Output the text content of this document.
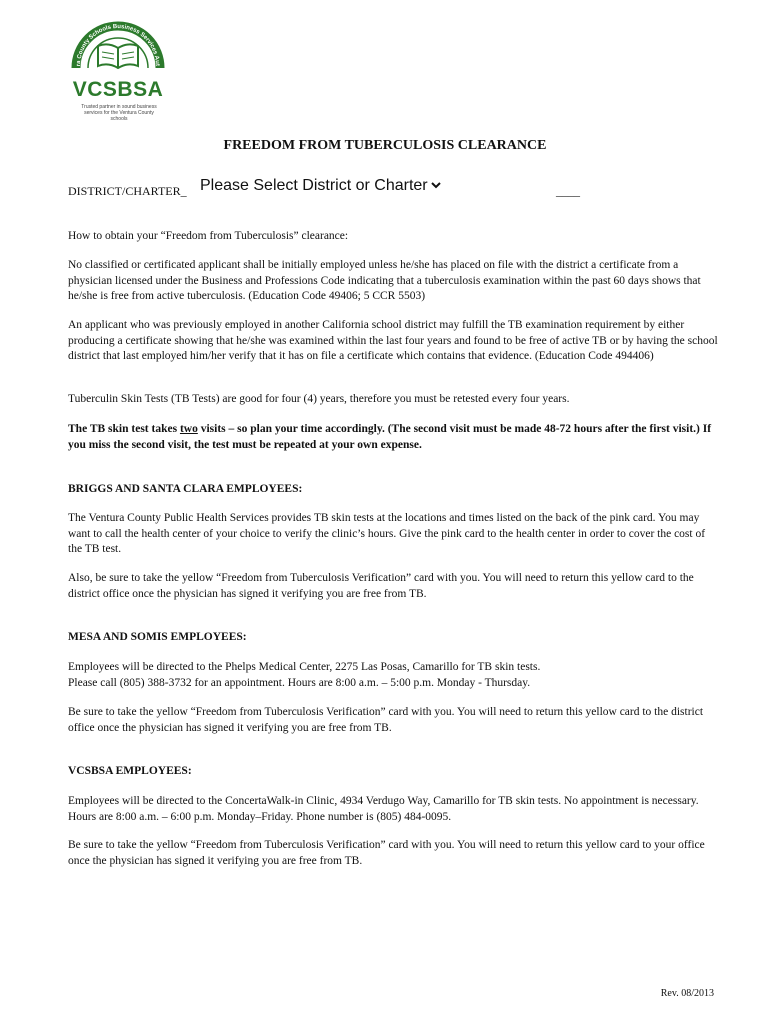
ra County Schools Business Services Aut
VCSBSA
Trusted partner in sound business services for the Ventura County schools
FREEDOM FROM TUBERCULOSIS CLEARANCE
DISTRICT/CHARTER_
Please Select District or Charter	____

How to obtain your “Freedom from Tuberculosis” clearance:

No classified or certificated applicant shall be initially employed unless he/she has placed on file with the district a certificate from a physician licensed under the Business and Professions Code indicating that a tuberculosis examination within the past 60 days shows that he/she is free from active tuberculosis. (Education Code 49406; 5 CCR 5503)

An applicant who was previously employed in another California school district may fulfill the TB examination requirement by either producing a certificate showing that he/she was examined within the last four years and found to be free of active TB or by having the school district that last employed him/her verify that it has on file a certificate which contains that evidence. (Education Code 494406)

Tuberculin Skin Tests (TB Tests) are good for four (4) years, therefore you must be retested every four years.

The TB skin test takes two visits – so plan your time accordingly. (The second visit must be made 48-72 hours after the first visit.) If you miss the second visit, the test must be repeated at your own expense.

BRIGGS AND SANTA CLARA EMPLOYEES:

The Ventura County Public Health Services provides TB skin tests at the locations and times listed on the back of the pink card. You may want to call the health center of your choice to verify the clinic’s hours. Give the pink card to the health center in order to cover the cost of the TB test.

Also, be sure to take the yellow “Freedom from Tuberculosis Verification” card with you. You will need to return this yellow card to the district office once the physician has signed it verifying you are free from TB.

MESA AND SOMIS EMPLOYEES:

Employees will be directed to the Phelps Medical Center, 2275 Las Posas, Camarillo for TB skin tests.
Please call (805) 388-3732 for an appointment. Hours are 8:00 a.m. – 5:00 p.m. Monday - Thursday.

Be sure to take the yellow “Freedom from Tuberculosis Verification” card with you. You will need to return this yellow card to the district office once the physician has signed it verifying you are free from TB.

VCSBSA EMPLOYEES:

Employees will be directed to the ConcertaWalk-in Clinic, 4934 Verdugo Way, Camarillo for TB skin tests. No appointment is necessary. Hours are 8:00 a.m. – 6:00 p.m. Monday–Friday. Phone number is (805) 484-0095.

Be sure to take the yellow “Freedom from Tuberculosis Verification” card with you. You will need to return this yellow card to your office once the physician has signed it verifying you are free from TB.

Rev. 08/2013
